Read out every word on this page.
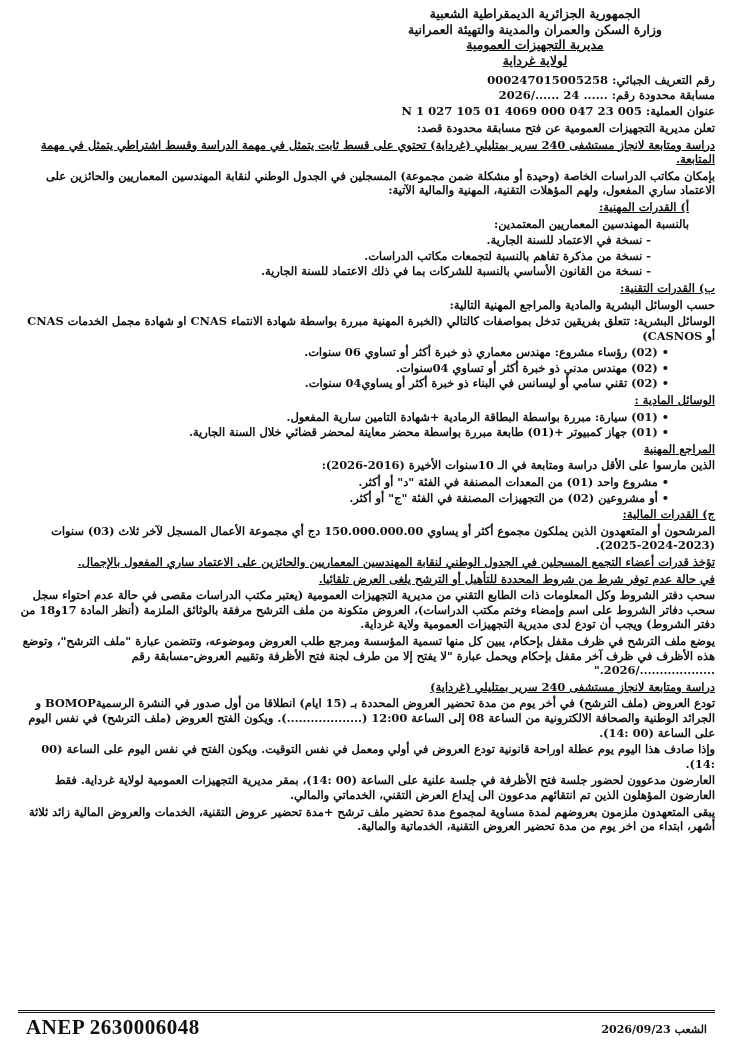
الجمهورية الجزائرية الديمقراطية الشعبية
وزارة السكن والعمران والمدينة والتهيئة العمرانية
مديرية التجهيزات العمومية
لولاية غرداية
رقم التعريف الجبائي: 000247015005258
مسابقة محدودة رقم: ...... 24 ....../2026
عنوان العملية: N 1 027 105 01 4069 000 047 23 005
تعلن مديرية التجهيزات العمومية عن فتح مسابقة محدودة قصد:
دراسة ومتابعة لانجاز مستشفى 240 سرير بمتليلي (غرداية) تحتوي على قسط ثابت يتمثل في مهمة الدراسة وقسط اشتراطي يتمثل في مهمة المتابعة.
بإمكان مكاتب الدراسات الخاصة (وحيدة أو مشكلة ضمن مجموعة) المسجلين في الجدول الوطني لنقابة المهندسين المعماريين والحائزين على الاعتماد ساري المفعول، ولهم المؤهلات التقنية، المهنية والمالية الآتية:
أ) القدرات المهنية:
بالنسبة المهندسين المعماريين المعتمدين:
- نسخة في الاعتماد للسنة الجارية.
- نسخة من مذكرة تفاهم بالنسبة لتجمعات مكاتب الدراسات.
- نسخة من القانون الأساسي بالنسبة للشركات بما في ذلك الاعتماد للسنة الجارية.
ب) القدرات التقنية:
حسب الوسائل البشرية والمادية والمراجع المهنية التالية:
الوسائل البشرية: تتعلق بفريقين تدخل بمواصفات كالتالي (الخبرة المهنية مبررة بواسطة شهادة الانتماء CNAS او شهادة مجمل الخدمات CNAS أو CASNOS)
• (02) رؤساء مشروع: مهندس معماري ذو خبرة أكثر أو تساوي 06 سنوات.
• (02) مهندس مدني ذو خبرة أكثر أو تساوي 04سنوات.
• (02) تقني سامي أو ليسانس في البناء ذو خبرة أكثر أو يساوي04 سنوات.
الوسائل المادية :
• (01) سيارة: مبررة بواسطة البطاقة الرمادية +شهادة التامين سارية المفعول.
• (01) جهاز كمبيوتر +(01) طابعة مبررة بواسطة محضر معاينة لمحضر قضائي خلال السنة الجارية.
المراجع المهنية
الذين مارسوا على الأقل دراسة ومتابعة في الـ 10سنوات الأخيرة (2016-2026):
• مشروع واحد (01) من المعدات المصنفة في الفئة "د" أو أكثر.
• أو مشروعين (02) من التجهيزات المصنفة في الفئة "ج" أو أكثر.
ج) القدرات المالية:
المرشحون أو المتعهدون الذين يملكون مجموع أكثر أو يساوي 150.000.000.00 دج أي مجموعة الأعمال المسجل لآخر ثلاث (03) سنوات (2023-2024-2025).
تؤخذ قدرات أعضاء التجمع المسجلين في الجدول الوطني لنقابة المهندسين المعماريين والحائزين على الاعتماد ساري المفعول بالإجمال.
في حالة عدم توفر شرط من شروط المحددة للتأهيل أو الترشح يلغى العرض تلقائيا.
سحب دفتر الشروط وكل المعلومات ذات الطابع التقني من مديرية التجهيزات العمومية (يعتبر مكتب الدراسات مقصى في حالة عدم احتواء سجل سحب دفاتر الشروط على اسم وإمضاء وختم مكتب الدراسات)، العروض متكونة من ملف الترشح مرفقة بالوثائق الملزمة (أنظر المادة 17و18 من دفتر الشروط) ويجب أن تودع لدى مديرية التجهيزات العمومية ولاية غرداية.
يوضع ملف الترشح في ظرف مقفل بإحكام، يبين كل منها تسمية المؤسسة ومرجع طلب العروض وموضوعه، وتتضمن عبارة "ملف الترشح"، وتوضع هذه الأظرف في ظرف آخر مقفل بإحكام ويحمل عبارة "لا يفتح إلا من طرف لجنة فتح الأظرفة وتقييم العروض-مسابقة رقم .................../2026."
دراسة ومتابعة لانجاز مستشفى 240 سرير بمتليلي (غرداية)
تودع العروض (ملف الترشح) في أخر يوم من مدة تحضير العروض المحددة بـ (15 ايام) انطلاقا من أول صدور في النشرة الرسميةBOMOP و الجرائد الوطنية والصحافة الالكترونية من الساعة 08 إلى الساعة 12:00 (...................). ويكون الفتح العروض (ملف الترشح) في نفس اليوم على الساعة (00 :14).
وإذا صادف هذا اليوم يوم عطلة اوراحة قانونية تودع العروض في أولي ومعمل في نفس التوقيت. ويكون الفتح في نفس اليوم على الساعة (00 :14).
العارضون مدعوون لحضور جلسة فتح الأظرفة في جلسة علنية على الساعة (00 :14)، بمقر مديرية التجهيزات العمومية لولاية غرداية. فقط العارضون المؤهلون الذين تم انتقائهم مدعوون الى إيداع العرض التقني، الخدماتي والمالي.
يبقى المتعهدون ملزمون بعروضهم لمدة مساوية لمجموع مدة تحضير ملف ترشح +مدة تحضير عروض التقنية، الخدمات والعروض المالية زائد ثلاثة أشهر، ابتداء من اخر يوم من مدة تحضير العروض التقنية، الخدماتية والمالية.
ANEP 2630006048	الشعب2026/09/23
